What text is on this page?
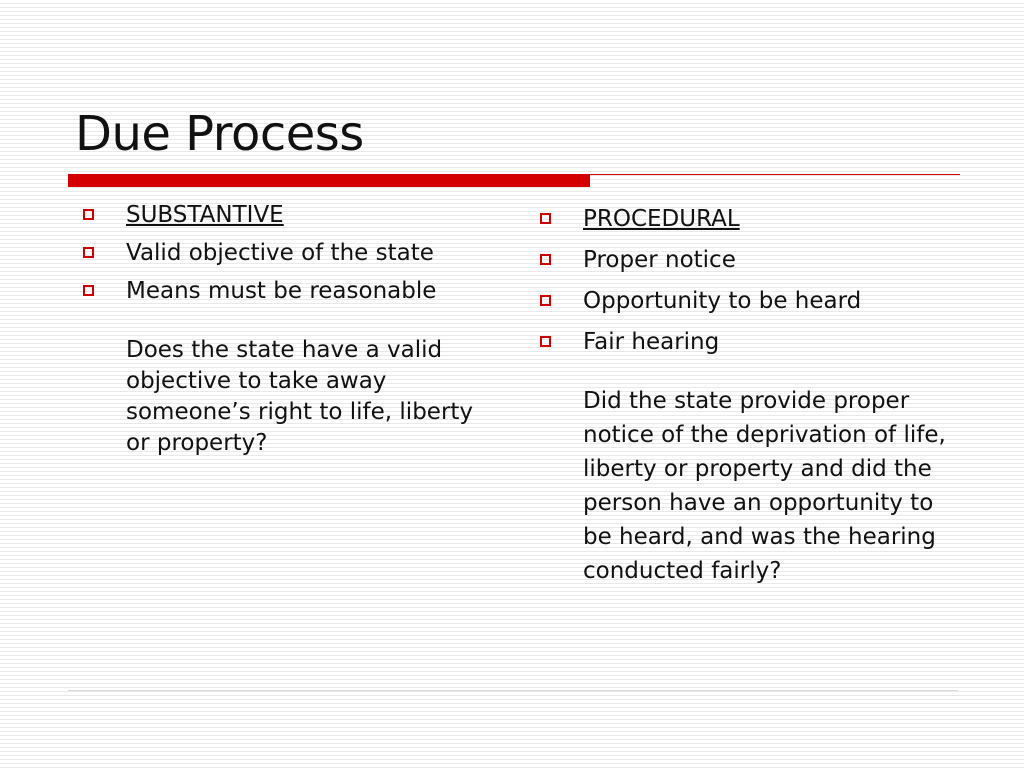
Due Process
SUBSTANTIVE
Valid objective of the state
Means must be reasonable
Does the state have a valid objective to take away someone’s right to life, liberty or property?
PROCEDURAL
Proper notice
Opportunity to be heard
Fair hearing
Did the state provide proper notice of the deprivation of life, liberty or property and did the person have an opportunity to be heard, and was the hearing conducted fairly?
